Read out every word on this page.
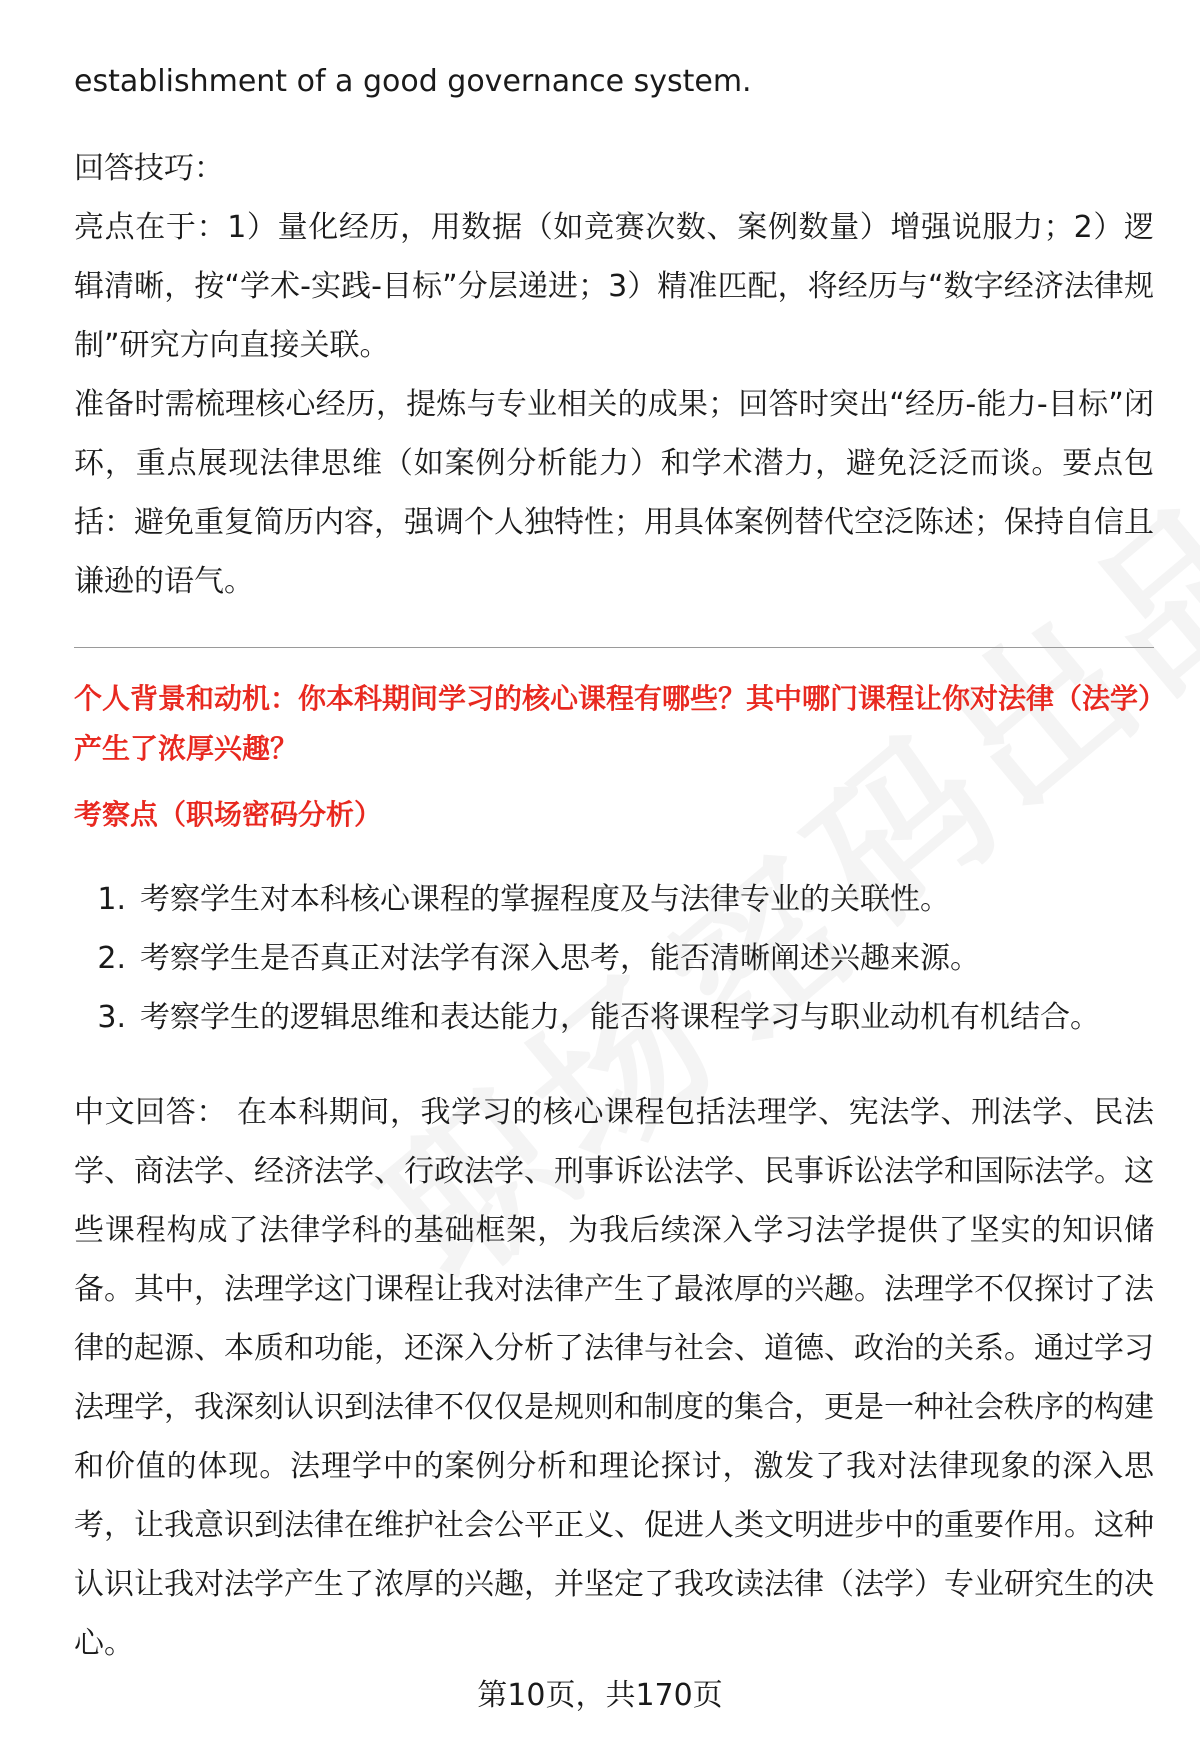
establishment of a good governance system.

回答技巧：

亮点在于：1）量化经历，用数据（如竞赛次数、案例数量）增强说服力；2）逻辑清晰，按“学术-实践-目标”分层递进；3）精准匹配，将经历与“数字经济法律规制”研究方向直接关联。

准备时需梳理核心经历，提炼与专业相关的成果；回答时突出“经历-能力-目标”闭环，重点展现法律思维（如案例分析能力）和学术潜力，避免泛泛而谈。要点包括：避免重复简历内容，强调个人独特性；用具体案例替代空泛陈述；保持自信且谦逊的语气。

个人背景和动机：你本科期间学习的核心课程有哪些？其中哪门课程让你对法律（法学）产生了浓厚兴趣？

考察点（职场密码分析）

1. 考察学生对本科核心课程的掌握程度及与法律专业的关联性。
2. 考察学生是否真正对法学有深入思考，能否清晰阐述兴趣来源。
3. 考察学生的逻辑思维和表达能力，能否将课程学习与职业动机有机结合。

中文回答： 在本科期间，我学习的核心课程包括法理学、宪法学、刑法学、民法学、商法学、经济法学、行政法学、刑事诉讼法学、民事诉讼法学和国际法学。这些课程构成了法律学科的基础框架，为我后续深入学习法学提供了坚实的知识储备。其中，法理学这门课程让我对法律产生了最浓厚的兴趣。法理学不仅探讨了法律的起源、本质和功能，还深入分析了法律与社会、道德、政治的关系。通过学习法理学，我深刻认识到法律不仅仅是规则和制度的集合，更是一种社会秩序的构建和价值的体现。法理学中的案例分析和理论探讨，激发了我对法律现象的深入思考，让我意识到法律在维护社会公平正义、促进人类文明进步中的重要作用。这种认识让我对法学产生了浓厚的兴趣，并坚定了我攻读法律（法学）专业研究生的决心。

第10页，共170页
